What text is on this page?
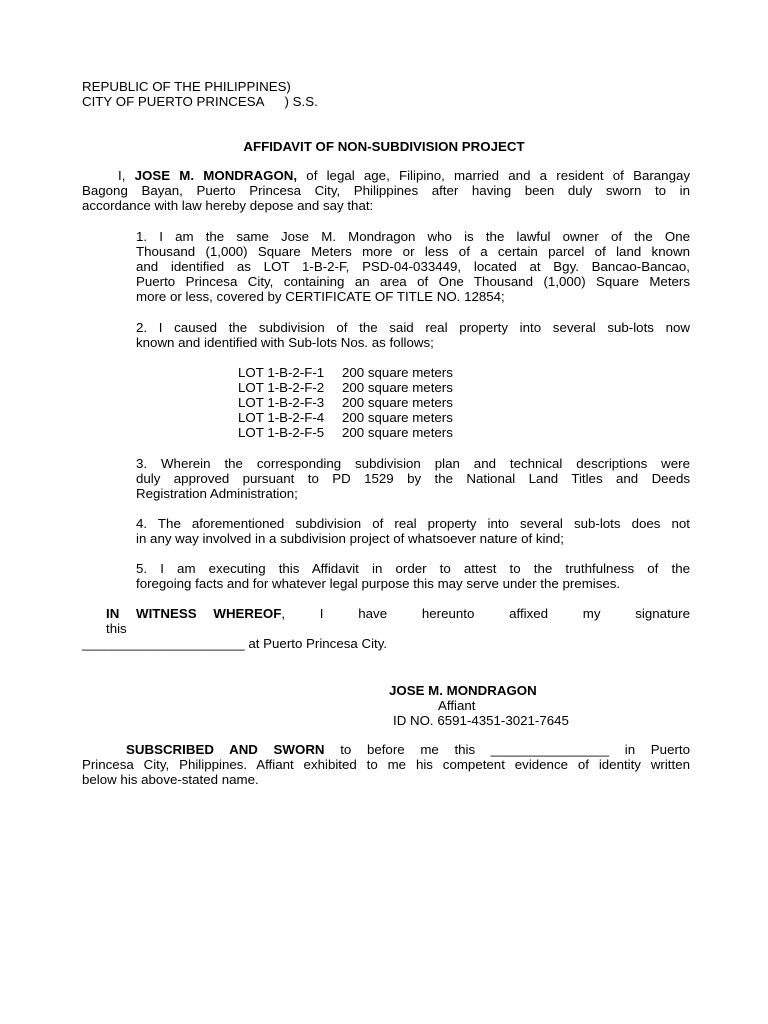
REPUBLIC OF THE PHILIPPINES)
CITY OF PUERTO PRINCESA ) S.S.
AFFIDAVIT OF NON-SUBDIVISION PROJECT
I, JOSE M. MONDRAGON, of legal age, Filipino, married and a resident of Barangay
Bagong Bayan, Puerto Princesa City, Philippines after having been duly sworn to in
accordance with law hereby depose and say that:
1. I am the same Jose M. Mondragon who is the lawful owner of the One
Thousand (1,000) Square Meters more or less of a certain parcel of land known
and identified as LOT 1-B-2-F, PSD-04-033449, located at Bgy. Bancao-Bancao,
Puerto Princesa City, containing an area of One Thousand (1,000) Square Meters
more or less, covered by CERTIFICATE OF TITLE NO. 12854;
2. I caused the subdivision of the said real property into several sub-lots now
known and identified with Sub-lots Nos. as follows;
LOT 1-B-2-F-1	200 square meters
LOT 1-B-2-F-2	200 square meters
LOT 1-B-2-F-3	200 square meters
LOT 1-B-2-F-4	200 square meters
LOT 1-B-2-F-5	200 square meters
3. Wherein the corresponding subdivision plan and technical descriptions were
duly approved pursuant to PD 1529 by the National Land Titles and Deeds
Registration Administration;
4. The aforementioned subdivision of real property into several sub-lots does not
in any way involved in a subdivision project of whatsoever nature of kind;
5. I am executing this Affidavit in order to attest to the truthfulness of the
foregoing facts and for whatever legal purpose this may serve under the premises.
IN WITNESS WHEREOF, I have hereunto affixed my signature this
______________________ at Puerto Princesa City.
JOSE M. MONDRAGON
Affiant
ID NO. 6591-4351-3021-7645
SUBSCRIBED AND SWORN to before me this ________________ in Puerto
Princesa City, Philippines. Affiant exhibited to me his competent evidence of identity written
below his above-stated name.
